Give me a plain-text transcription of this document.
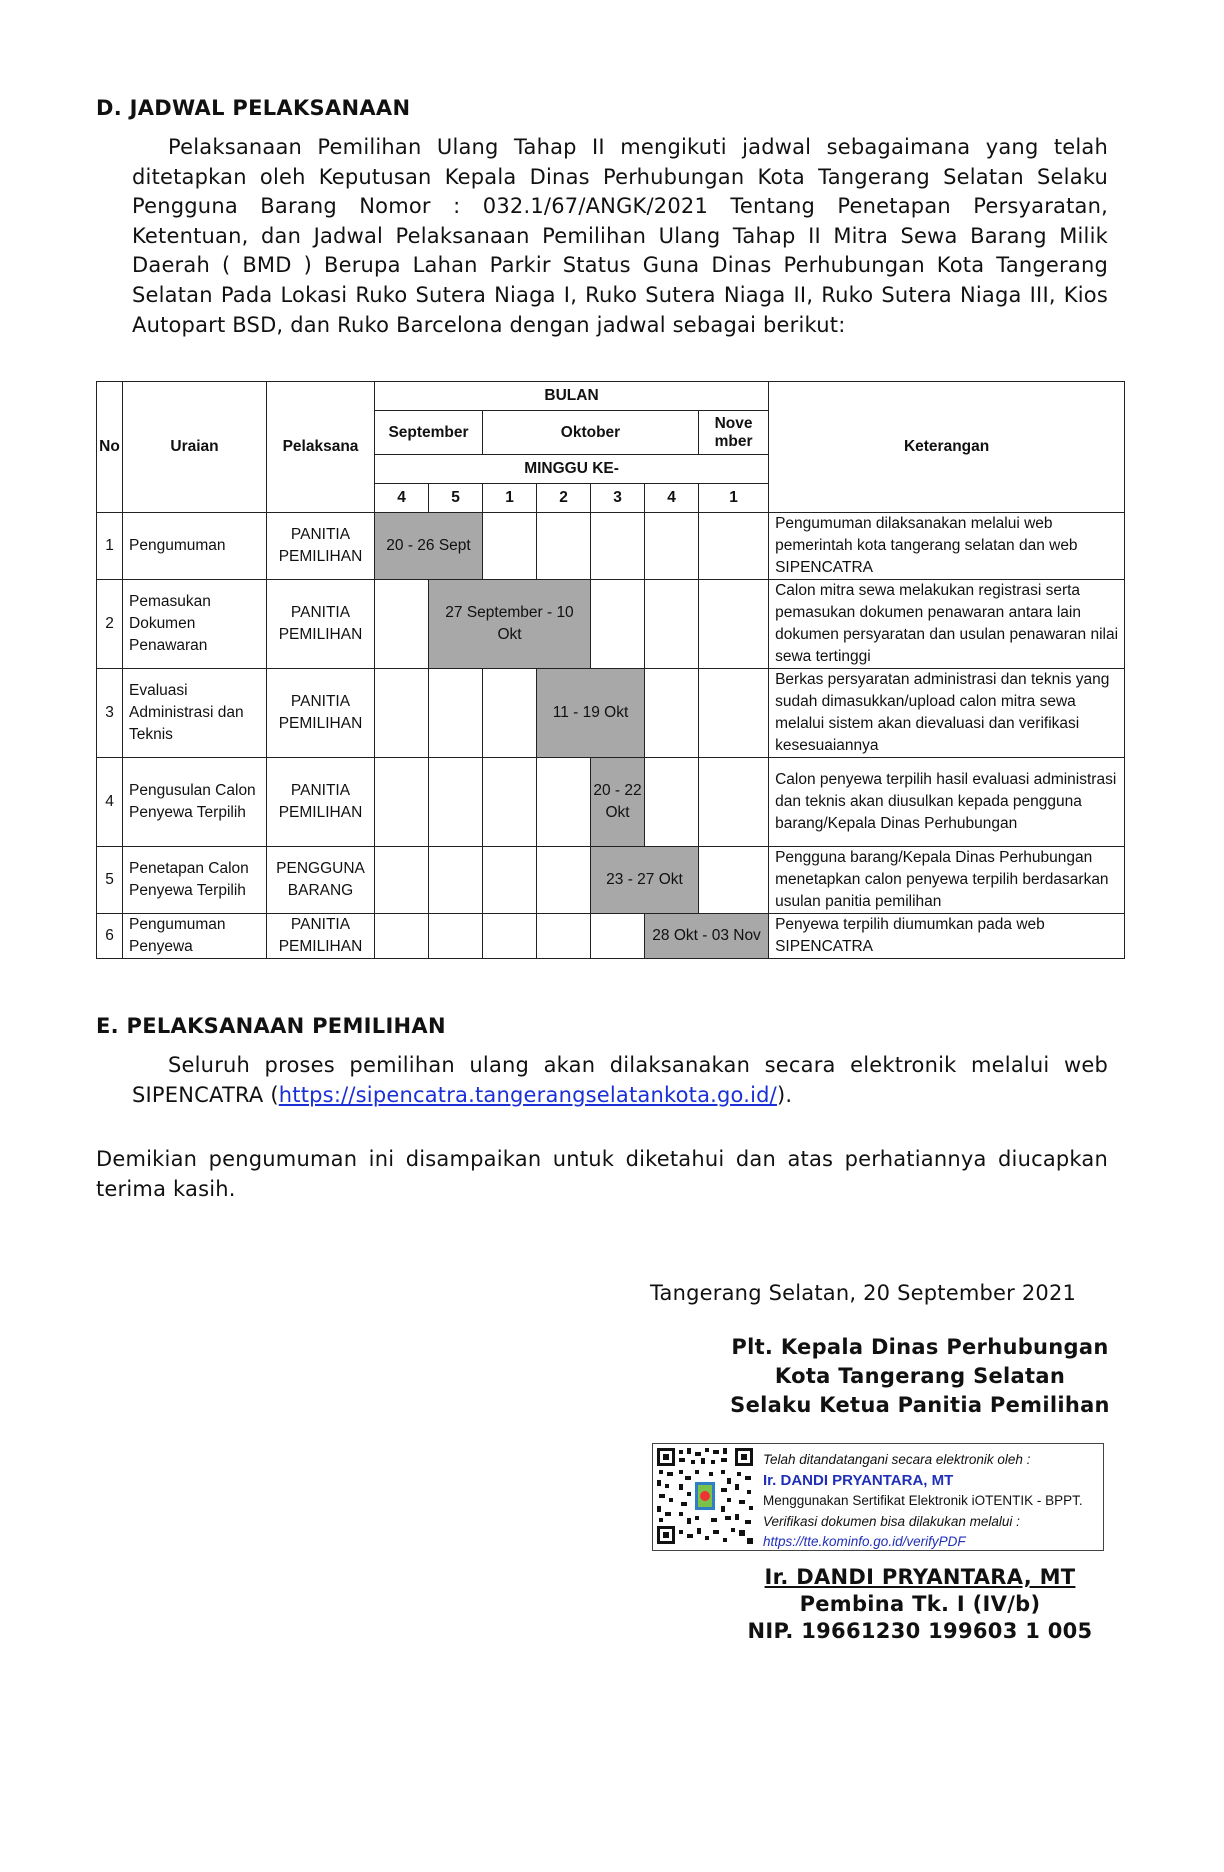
D. JADWAL PELAKSANAAN
Pelaksanaan Pemilihan Ulang Tahap II mengikuti jadwal sebagaimana yang telah ditetapkan oleh Keputusan Kepala Dinas Perhubungan Kota Tangerang Selatan Selaku Pengguna Barang Nomor : 032.1/67/ANGK/2021 Tentang Penetapan Persyaratan, Ketentuan, dan Jadwal Pelaksanaan Pemilihan Ulang Tahap II Mitra Sewa Barang Milik Daerah ( BMD ) Berupa Lahan Parkir Status Guna Dinas Perhubungan Kota Tangerang Selatan Pada Lokasi Ruko Sutera Niaga I, Ruko Sutera Niaga II, Ruko Sutera Niaga III, Kios Autopart BSD, dan Ruko Barcelona dengan jadwal sebagai berikut:
No	Uraian	Pelaksana	BULAN							Keterangan
			September		Oktober				Nove mber	
			MINGGU KE-							
			4	5	1	2	3	4	1	
1	Pengumuman	PANITIA PEMILIHAN	20 - 26 Sept							Pengumuman dilaksanakan melalui web pemerintah kota tangerang selatan dan web SIPENCATRA
2	Pemasukan Dokumen Penawaran	PANITIA PEMILIHAN		27 September - 10 Okt						Calon mitra sewa melakukan registrasi serta pemasukan dokumen penawaran antara lain dokumen persyaratan dan usulan penawaran nilai sewa tertinggi
3	Evaluasi Administrasi dan Teknis	PANITIA PEMILIHAN				11 - 19 Okt				Berkas persyaratan administrasi dan teknis yang sudah dimasukkan/upload calon mitra sewa melalui sistem akan dievaluasi dan verifikasi kesesuaiannya
4	Pengusulan Calon Penyewa Terpilih	PANITIA PEMILIHAN					20 - 22 Okt			Calon penyewa terpilih hasil evaluasi administrasi dan teknis akan diusulkan kepada pengguna barang/Kepala Dinas Perhubungan
5	Penetapan Calon Penyewa Terpilih	PENGGUNA BARANG					23 - 27 Okt			Pengguna barang/Kepala Dinas Perhubungan menetapkan calon penyewa terpilih berdasarkan usulan panitia pemilihan
6	Pengumuman Penyewa	PANITIA PEMILIHAN						28 Okt - 03 Nov		Penyewa terpilih diumumkan pada web SIPENCATRA
E. PELAKSANAAN PEMILIHAN
Seluruh proses pemilihan ulang akan dilaksanakan secara elektronik melalui web SIPENCATRA (https://sipencatra.tangerangselatankota.go.id/).
Demikian pengumuman ini disampaikan untuk diketahui dan atas perhatiannya diucapkan terima kasih.
Tangerang Selatan, 20 September 2021
Plt. Kepala Dinas Perhubungan
Kota Tangerang Selatan
Selaku Ketua Panitia Pemilihan
Telah ditandatangani secara elektronik oleh :
Ir. DANDI PRYANTARA, MT
Menggunakan Sertifikat Elektronik iOTENTIK - BPPT.
Verifikasi dokumen bisa dilakukan melalui :
https://tte.kominfo.go.id/verifyPDF
Ir. DANDI PRYANTARA, MT
Pembina Tk. I (IV/b)
NIP. 19661230 199603 1 005
